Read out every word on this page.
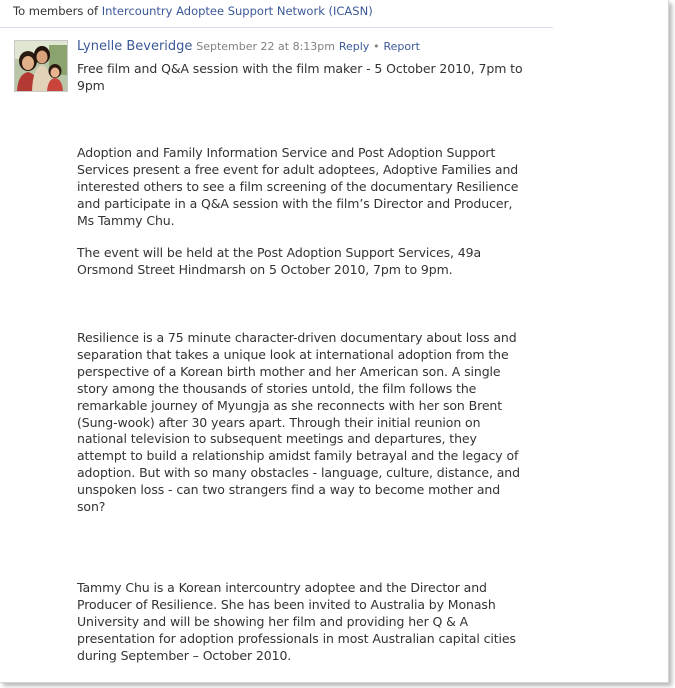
To members of Intercountry Adoptee Support Network (ICASN)
Lynelle Beveridge September 22 at 8:13pm Reply • Report
Free film and Q&A session with the film maker - 5 October 2010, 7pm to 9pm
Adoption and Family Information Service and Post Adoption Support Services present a free event for adult adoptees, Adoptive Families and interested others to see a film screening of the documentary Resilience and participate in a Q&A session with the film’s Director and Producer, Ms Tammy Chu.
The event will be held at the Post Adoption Support Services, 49a Orsmond Street Hindmarsh on 5 October 2010, 7pm to 9pm.
Resilience is a 75 minute character-driven documentary about loss and separation that takes a unique look at international adoption from the perspective of a Korean birth mother and her American son. A single story among the thousands of stories untold, the film follows the remarkable journey of Myungja as she reconnects with her son Brent (Sung-wook) after 30 years apart. Through their initial reunion on national television to subsequent meetings and departures, they attempt to build a relationship amidst family betrayal and the legacy of adoption. But with so many obstacles - language, culture, distance, and unspoken loss - can two strangers find a way to become mother and son?
Tammy Chu is a Korean intercountry adoptee and the Director and Producer of Resilience. She has been invited to Australia by Monash University and will be showing her film and providing her Q & A presentation for adoption professionals in most Australian capital cities during September – October 2010.
